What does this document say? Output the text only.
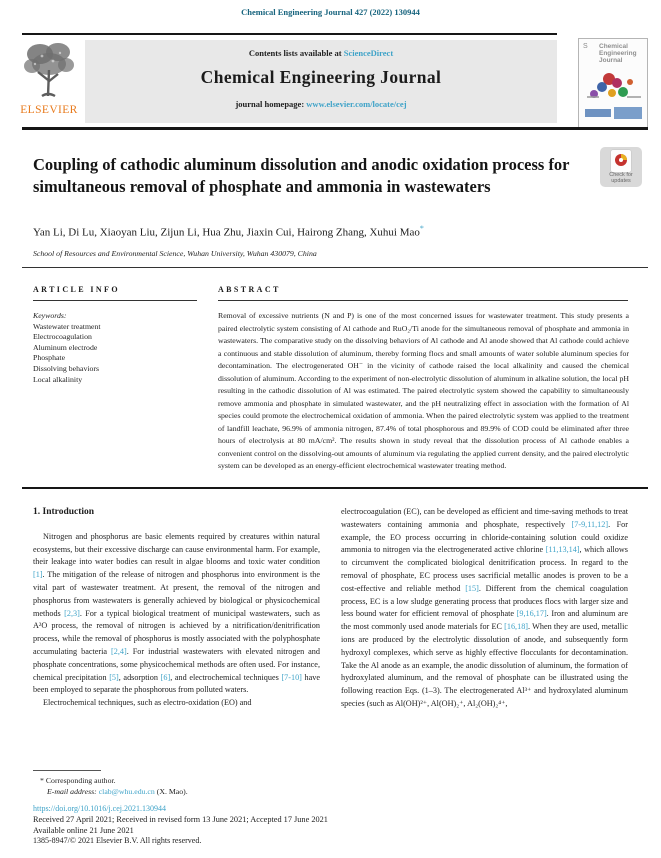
Chemical Engineering Journal 427 (2022) 130944
ELSEVIER
Contents lists available at ScienceDirect
Chemical Engineering Journal
journal homepage: www.elsevier.com/locate/cej
S Chemical Engineering Journal
Coupling of cathodic aluminum dissolution and anodic oxidation process for simultaneous removal of phosphate and ammonia in wastewaters
Check for updates
Yan Li, Di Lu, Xiaoyan Liu, Zijun Li, Hua Zhu, Jiaxin Cui, Hairong Zhang, Xuhui Mao*
School of Resources and Environmental Science, Wuhan University, Wuhan 430079, China
ARTICLE INFO
Keywords:
Wastewater treatment
Electrocoagulation
Aluminum electrode
Phosphate
Dissolving behaviors
Local alkalinity
ABSTRACT
Removal of excessive nutrients (N and P) is one of the most concerned issues for wastewater treatment. This study presents a paired electrolytic system consisting of Al cathode and RuO₂/Ti anode for the simultaneous removal of phosphate and ammonia in wastewaters. The comparative study on the dissolving behaviors of Al cathode and Al anode showed that Al cathode could achieve a continuous and stable dissolution of aluminum, thereby forming flocs and small amounts of water soluble aluminum species for decontamination. The electrogenerated OH⁻ in the vicinity of cathode raised the local alkalinity and caused the chemical dissolution of aluminum. According to the experiment of non-electrolytic dissolution of aluminum in alkaline solution, the local pH resulting in the cathodic dissolution of Al was estimated. The paired electrolytic system showed the capability to simultaneously remove ammonia and phosphate in simulated wastewater, and the pH neutralizing effect in association with the formation of Al species could promote the electrochemical oxidation of ammonia. When the paired electrolytic system was applied to the treatment of landfill leachate, 96.9% of ammonia nitrogen, 87.4% of total phosphorous and 89.9% of COD could be eliminated after three hours of electrolysis at 80 mA/cm². The results shown in study reveal that the dissolution process of Al cathode enables a convenient control on the dissolving-out amounts of aluminum via regulating the applied current density, and the paired electrolytic system can be developed as an energy-efficient electrochemical wastewater treating method.
1. Introduction

Nitrogen and phosphorus are basic elements required by creatures within natural ecosystems, but their excessive discharge can cause environmental harm. For example, their leakage into water bodies can result in algae blooms and toxic water condition [1]. The mitigation of the release of nitrogen and phosphorus into environment is the vital part of wastewater treatment. At present, the removal of the nitrogen and phosphorus from wastewaters is generally achieved by biological or physicochemical methods [2,3]. For a typical biological treatment of municipal wastewaters, such as A²O process, the removal of nitrogen is achieved by a nitrification/denitrification process, while the removal of phosphorus is mostly associated with the polyphosphate accumulating bacteria [2,4]. For industrial wastewaters with elevated nitrogen and phosphate concentrations, some physicochemical methods are often used. For instance, chemical precipitation [5], adsorption [6], and electrochemical techniques [7-10] have been employed to separate the phosphorous from polluted waters.

Electrochemical techniques, such as electro-oxidation (EO) and

electrocoagulation (EC), can be developed as efficient and time-saving methods to treat wastewaters containing ammonia and phosphate, respectively [7-9,11,12]. For example, the EO process occurring in chloride-containing solution could oxidize ammonia to nitrogen via the electrogenerated active chlorine [11,13,14], which allows to circumvent the complicated biological denitrification process. In regard to the removal of phosphate, EC process uses sacrificial metallic anodes is proven to be a cost-effective and reliable method [15]. Different from the chemical coagulation process, EC is a low sludge generating process that produces flocs with larger size and less bound water for efficient removal of phosphate [9,16,17]. Iron and aluminum are the most commonly used anode materials for EC [16,18]. When they are used, metallic ions are produced by the electrolytic dissolution of anode, and subsequently form hydroxyl complexes, which serve as highly effective flocculants for decontamination. Take the Al anode as an example, the anodic dissolution of aluminum, the formation of hydroxylated aluminum, and the removal of phosphate can be illustrated using the following reaction Eqs. (1–3). The electrogenerated Al³⁺ and hydroxylated aluminum species (such as Al(OH)²⁺, Al(OH)₂⁺, Al₂(OH)₂⁴⁺,

* Corresponding author.
E-mail address: clab@whu.edu.cn (X. Mao).
https://doi.org/10.1016/j.cej.2021.130944
Received 27 April 2021; Received in revised form 13 June 2021; Accepted 17 June 2021
Available online 21 June 2021
1385-8947/© 2021 Elsevier B.V. All rights reserved.
